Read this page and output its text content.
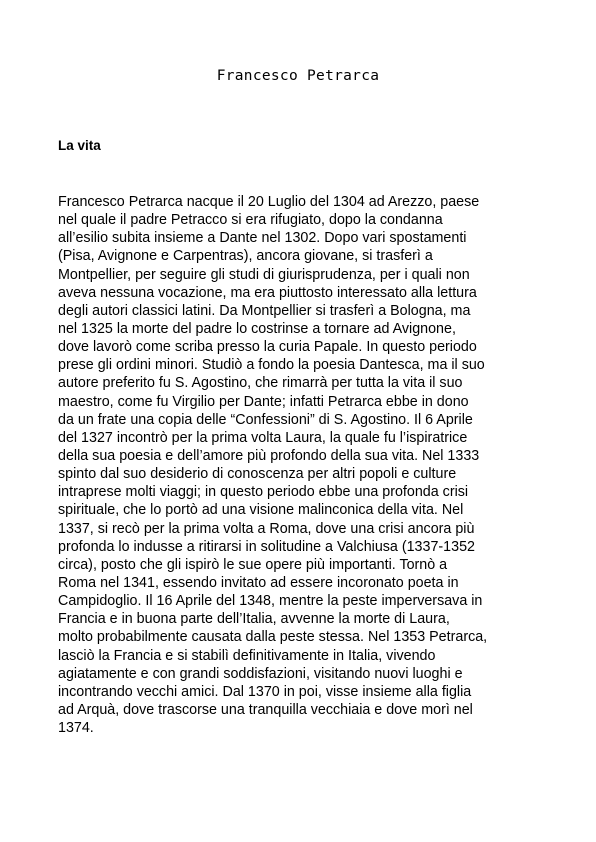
Francesco Petrarca
La vita
Francesco Petrarca nacque il 20 Luglio del 1304 ad Arezzo, paese
nel quale il padre Petracco si era rifugiato, dopo la condanna
all’esilio subita insieme a Dante nel 1302. Dopo vari spostamenti
(Pisa, Avignone e Carpentras), ancora giovane, si trasferì a
Montpellier, per seguire gli studi di giurisprudenza, per i quali non
aveva nessuna vocazione, ma era piuttosto interessato alla lettura
degli autori classici latini. Da Montpellier si trasferì a Bologna, ma
nel 1325 la morte del padre lo costrinse a tornare ad Avignone,
dove lavorò come scriba presso la curia Papale. In questo periodo
prese gli ordini minori. Studiò a fondo la poesia Dantesca, ma il suo
autore preferito fu S. Agostino, che rimarrà per tutta la vita il suo
maestro, come fu Virgilio per Dante; infatti Petrarca ebbe in dono
da un frate una copia delle “Confessioni” di S. Agostino. Il 6 Aprile
del 1327 incontrò per la prima volta Laura, la quale fu l’ispiratrice
della sua poesia e dell’amore più profondo della sua vita. Nel 1333
spinto dal suo desiderio di conoscenza per altri popoli e culture
intraprese molti viaggi; in questo periodo ebbe una profonda crisi
spirituale, che lo portò ad una visione malinconica della vita. Nel
1337, si recò per la prima volta a Roma, dove una crisi ancora più
profonda lo indusse a ritirarsi in solitudine a Valchiusa (1337-1352
circa), posto che gli ispirò le sue opere più importanti. Tornò a
Roma nel 1341, essendo invitato ad essere incoronato poeta in
Campidoglio. Il 16 Aprile del 1348, mentre la peste imperversava in
Francia e in buona parte dell’Italia, avvenne la morte di Laura,
molto probabilmente causata dalla peste stessa. Nel 1353 Petrarca,
lasciò la Francia e si stabilì definitivamente in Italia, vivendo
agiatamente e con grandi soddisfazioni, visitando nuovi luoghi e
incontrando vecchi amici. Dal 1370 in poi, visse insieme alla figlia
ad Arquà, dove trascorse una tranquilla vecchiaia e dove morì nel
1374.
